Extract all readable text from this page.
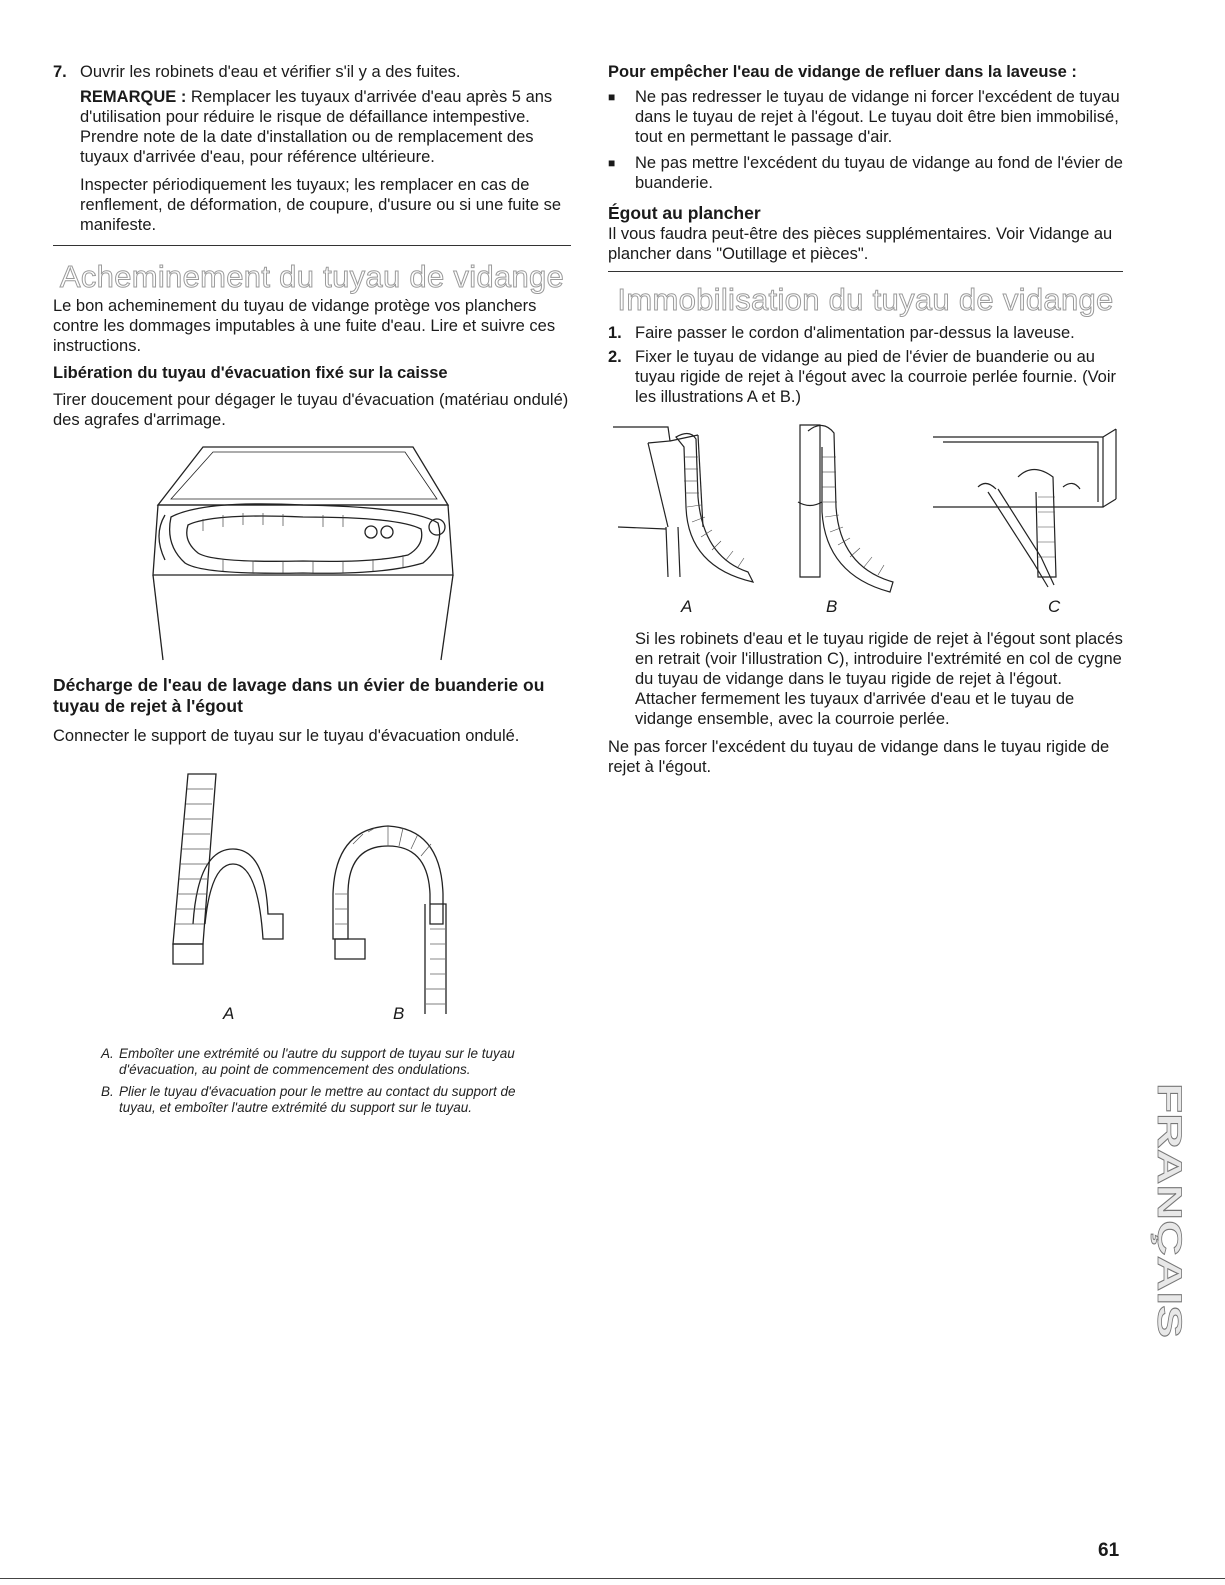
7. Ouvrir les robinets d'eau et vérifier s'il y a des fuites.

REMARQUE : Remplacer les tuyaux d'arrivée d'eau après 5 ans d'utilisation pour réduire le risque de défaillance intempestive. Prendre note de la date d'installation ou de remplacement des tuyaux d'arrivée d'eau, pour référence ultérieure.

Inspecter périodiquement les tuyaux; les remplacer en cas de renflement, de déformation, de coupure, d'usure ou si une fuite se manifeste.

Acheminement du tuyau de vidange

Le bon acheminement du tuyau de vidange protège vos planchers contre les dommages imputables à une fuite d'eau. Lire et suivre ces instructions.

Libération du tuyau d'évacuation fixé sur la caisse

Tirer doucement pour dégager le tuyau d'évacuation (matériau ondulé) des agrafes d'arrimage.

Décharge de l'eau de lavage dans un évier de buanderie ou tuyau de rejet à l'égout

Connecter le support de tuyau sur le tuyau d'évacuation ondulé.

A	B
A. Emboîter une extrémité ou l'autre du support de tuyau sur le tuyau d'évacuation, au point de commencement des ondulations.
B. Plier le tuyau d'évacuation pour le mettre au contact du support de tuyau, et emboîter l'autre extrémité du support sur le tuyau.
Pour empêcher l'eau de vidange de refluer dans la laveuse :
■	Ne pas redresser le tuyau de vidange ni forcer l'excédent de tuyau dans le tuyau de rejet à l'égout. Le tuyau doit être bien immobilisé, tout en permettant le passage d'air.
■	Ne pas mettre l'excédent du tuyau de vidange au fond de l'évier de buanderie.
Égout au plancher

Il vous faudra peut-être des pièces supplémentaires. Voir Vidange au plancher dans "Outillage et pièces".

Immobilisation du tuyau de vidange
1. Faire passer le cordon d'alimentation par-dessus la laveuse.
2. Fixer le tuyau de vidange au pied de l'évier de buanderie ou au tuyau rigide de rejet à l'égout avec la courroie perlée fournie. (Voir les illustrations A et B.)
A	B	C

Si les robinets d'eau et le tuyau rigide de rejet à l'égout sont placés en retrait (voir l'illustration C), introduire l'extrémité en col de cygne du tuyau de vidange dans le tuyau rigide de rejet à l'égout. Attacher fermement les tuyaux d'arrivée d'eau et le tuyau de vidange ensemble, avec la courroie perlée.

Ne pas forcer l'excédent du tuyau de vidange dans le tuyau rigide de rejet à l'égout.

FRANÇAIS
61
